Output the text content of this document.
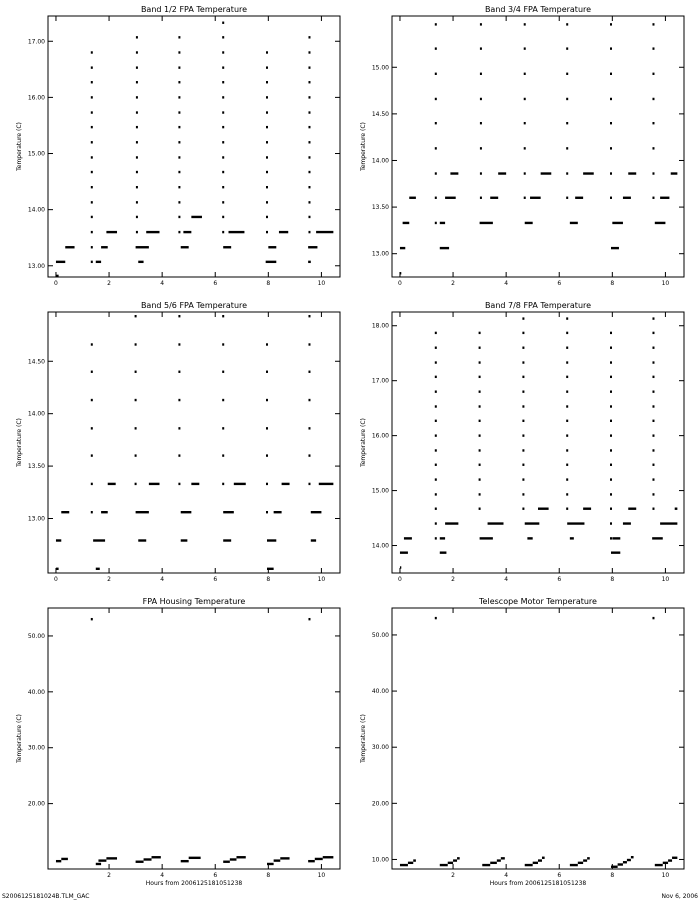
Band 1/2 FPA Temperature
Temperature (C)
0	2	4	6	8	10
13.00
14.00
15.00
16.00
17.00
Band 3/4 FPA Temperature
Temperature (C)
0	2	4	6	8	10
13.00
13.50
14.00
14.50
15.00
Band 5/6 FPA Temperature
Temperature (C)
0	2	4	6	8	10
13.00
13.50
14.00
14.50
Band 7/8 FPA Temperature
Temperature (C)
0	2	4	6	8	10
14.00
15.00
16.00
17.00
18.00
FPA Housing Temperature
Temperature (C)
Hours from 2006125181051238
2	4	6	8	10
20.00
30.00
40.00
50.00
Telescope Motor Temperature
Temperature (C)
Hours from 2006125181051238
2	4	6	8	10
10.00
20.00
30.00
40.00
50.00
S2006125181024B.TLM_GAC	Nov 6, 2006
